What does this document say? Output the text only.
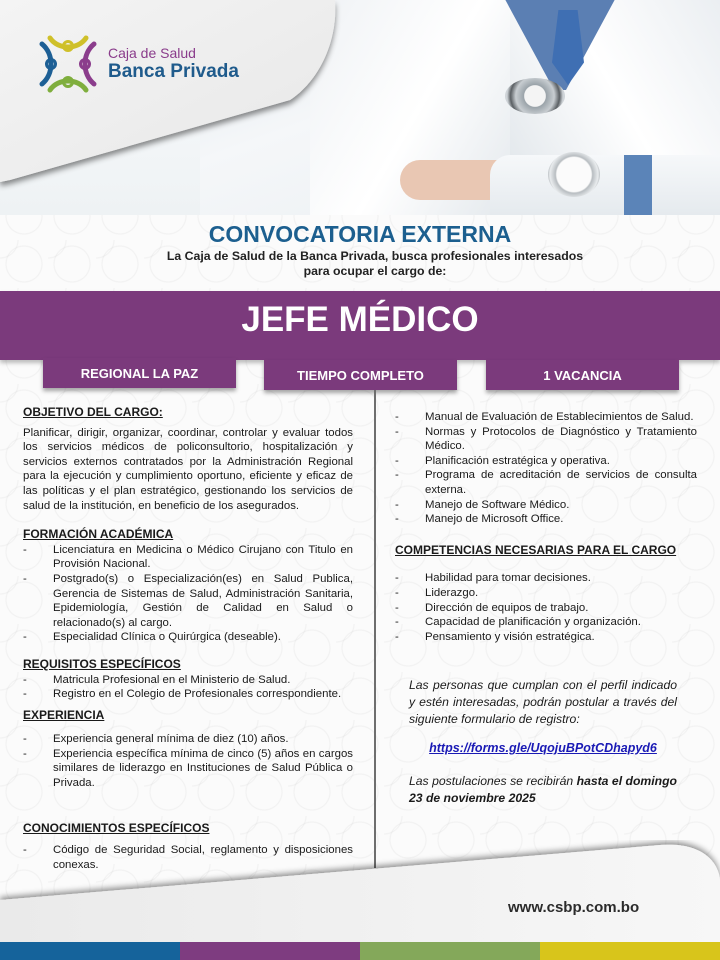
Caja de Salud
Banca Privada
CONVOCATORIA EXTERNA
La Caja de Salud de la Banca Privada, busca profesionales interesados
para ocupar el cargo de:
JEFE MÉDICO
REGIONAL LA PAZ	TIEMPO COMPLETO	1 VACANCIA
OBJETIVO DEL CARGO:
Planificar, dirigir, organizar, coordinar, controlar y evaluar todos los servicios médicos de policonsultorio, hospitalización y servicios externos contratados por la Administración Regional para la ejecución y cumplimiento oportuno, eficiente y eficaz de las políticas y el plan estratégico, gestionando los servicios de salud de la institución, en beneficio de los asegurados.
FORMACIÓN ACADÉMICA
- Licenciatura en Medicina o Médico Cirujano con Titulo en Provisión Nacional.
- Postgrado(s) o Especialización(es) en Salud Publica, Gerencia de Sistemas de Salud, Administración Sanitaria, Epidemiología, Gestión de Calidad en Salud o relacionado(s) al cargo.
- Especialidad Clínica o Quirúrgica (deseable).
REQUISITOS ESPECÍFICOS
- Matricula Profesional en el Ministerio de Salud.
- Registro en el Colegio de Profesionales correspondiente.
EXPERIENCIA
- Experiencia general mínima de diez (10) años.
- Experiencia específica mínima de cinco (5) años en cargos similares de liderazgo en Instituciones de Salud Pública o Privada.
CONOCIMIENTOS ESPECÍFICOS
- Código de Seguridad Social, reglamento y disposiciones conexas.
- Manual de Evaluación de Establecimientos de Salud.
- Normas y Protocolos de Diagnóstico y Tratamiento Médico.
- Planificación estratégica y operativa.
- Programa de acreditación de servicios de consulta externa.
- Manejo de Software Médico.
- Manejo de Microsoft Office.
COMPETENCIAS NECESARIAS PARA EL CARGO
- Habilidad para tomar decisiones.
- Liderazgo.
- Dirección de equipos de trabajo.
- Capacidad de planificación y organización.
- Pensamiento y visión estratégica.
Las personas que cumplan con el perfil indicado y estén interesadas, podrán postular a través del siguiente formulario de registro:
https://forms.gle/UqojuBPotCDhapyd6
Las postulaciones se recibirán hasta el domingo 23 de noviembre 2025
www.csbp.com.bo
